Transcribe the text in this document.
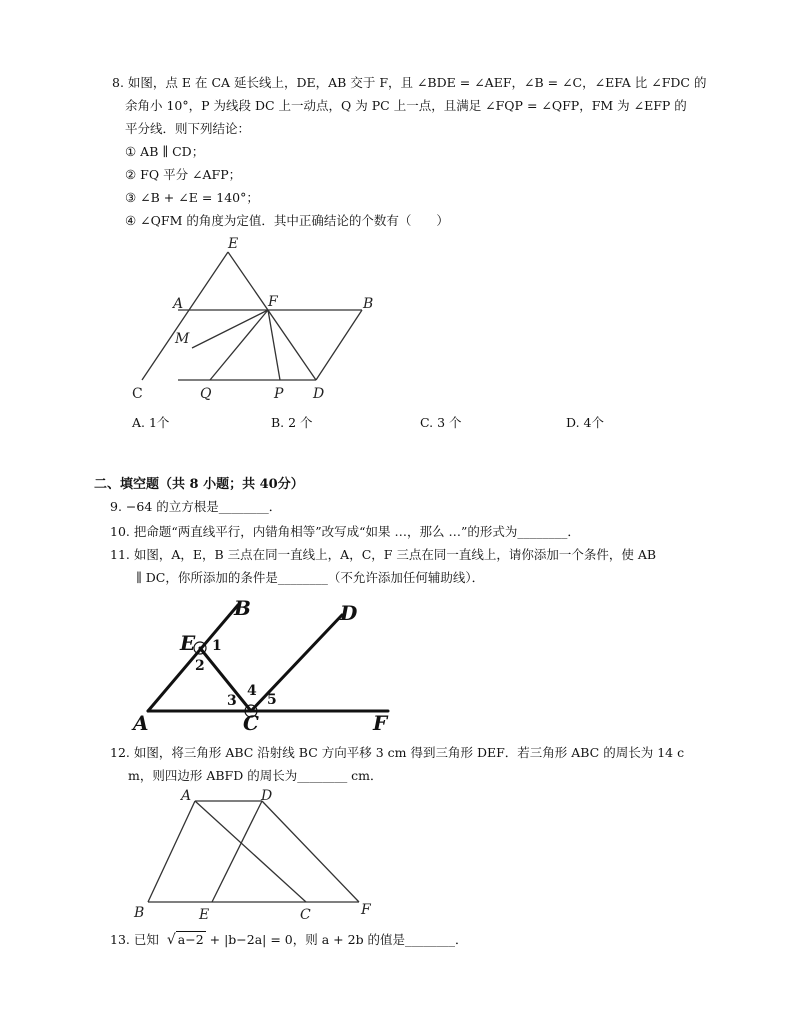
8. 如图，点 E 在 CA 延长线上，DE，AB 交于 F，且 ∠BDE = ∠AEF，∠B = ∠C，∠EFA 比 ∠FDC 的
余角小 10°，P 为线段 DC 上一动点，Q 为 PC 上一点，且满足 ∠FQP = ∠QFP，FM 为 ∠EFP 的
平分线．则下列结论：
① AB ∥ CD；
② FQ 平分 ∠AFP；
③ ∠B + ∠E = 140°；
④ ∠QFM 的角度为定值．其中正确结论的个数有（　　）
E
A	F	B
M
C	Q	P D
A. 1个	B. 2 个	C. 3 个	D. 4个
二、填空题（共 8 小题；共 40分）
9. −64 的立方根是________．
10. 把命题“两直线平行，内错角相等”改写成“如果 …，那么 …”的形式为________．
11. 如图，A，E，B 三点在同一直线上，A，C，F 三点在同一直线上，请你添加一个条件，使 AB
∥ DC，你所添加的条件是________（不允许添加任何辅助线）．
B	D
E
A	C	F
1
2
3
4
5
12. 如图，将三角形 ABC 沿射线 BC 方向平移 3 cm 得到三角形 DEF．若三角形 ABC 的周长为 14 c
m，则四边形 ABFD 的周长为________ cm．
A	D
B	E	C	F
13. 已知 √ a−2 + |b−2a| = 0，则 a + 2b 的值是________．
